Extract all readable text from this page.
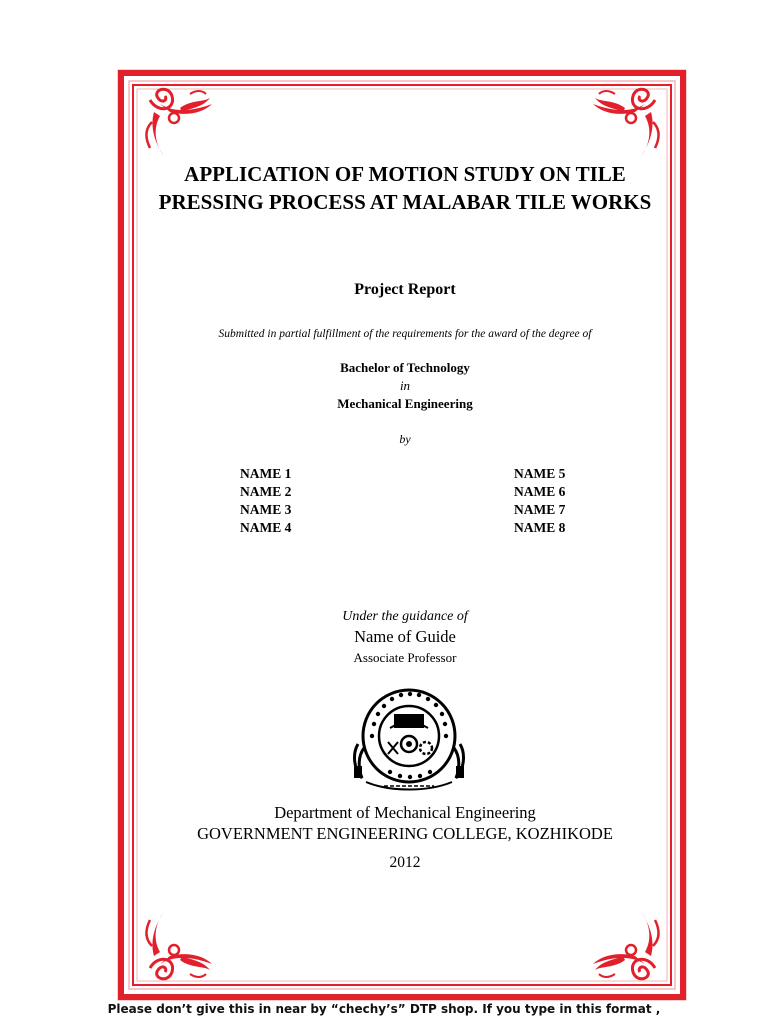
APPLICATION OF MOTION STUDY ON TILE PRESSING PROCESS AT MALABAR TILE WORKS
Project Report
Submitted in partial fulfillment of the requirements for the award of the degree of
Bachelor of Technology
in
Mechanical Engineering
by
NAME 1
NAME 2
NAME 3
NAME 4
NAME 5
NAME 6
NAME 7
NAME 8
Under the guidance of
Name of Guide
Associate Professor
Department of Mechanical Engineering
GOVERNMENT ENGINEERING COLLEGE, KOZHIKODE
2012
Please don’t give this in near by “chechy’s” DTP shop. If you type in this format ,
